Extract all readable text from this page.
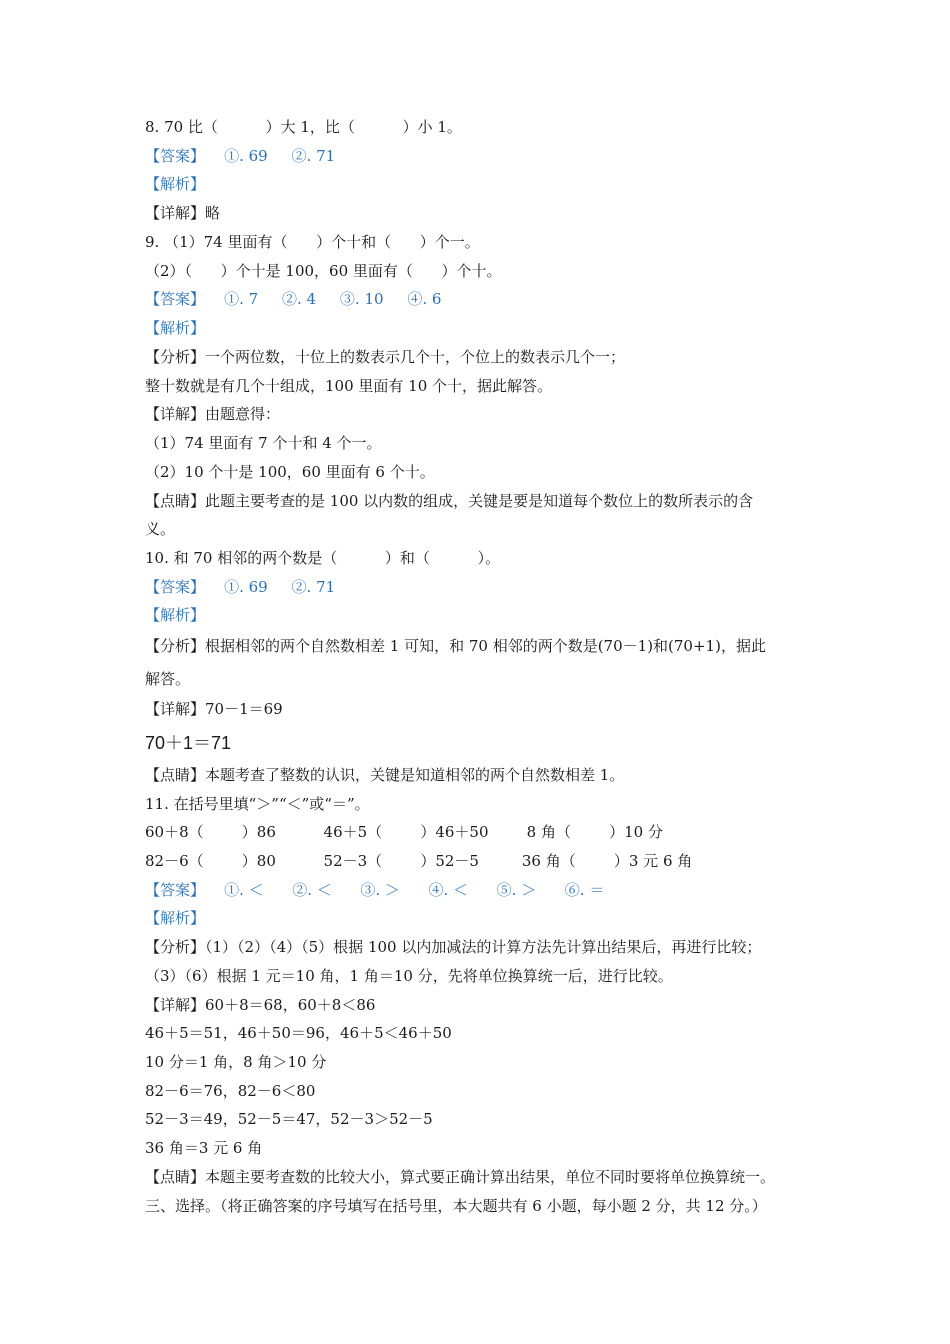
8. 70 比（          ）大 1，比（          ）小 1。
【答案】    ①. 69     ②. 71
【解析】
【详解】略
9. （1）74 里面有（      ）个十和（      ）个一。
（2）（      ）个十是 100，60 里面有（      ）个十。
【答案】    ①. 7     ②. 4     ③. 10     ④. 6
【解析】
【分析】一个两位数，十位上的数表示几个十，个位上的数表示几个一；
整十数就是有几个十组成，100 里面有 10 个十，据此解答。
【详解】由题意得：
（1）74 里面有 7 个十和 4 个一。
（2）10 个十是 100，60 里面有 6 个十。
【点睛】此题主要考查的是 100 以内数的组成，关键是要是知道每个数位上的数所表示的含
义。
10. 和 70 相邻的两个数是（          ）和（          ）。
【答案】    ①. 69     ②. 71
【解析】
【分析】根据相邻的两个自然数相差 1 可知，和 70 相邻的两个数是(70－1)和(70+1)，据此
解答。
【详解】70－1＝69
70＋1＝71
【点睛】本题考查了整数的认识，关键是知道相邻的两个自然数相差 1。
11. 在括号里填“＞”“＜”或“＝”。
60＋8（        ）86          46＋5（        ）46＋50        8 角（        ）10 分
82－6（        ）80          52－3（        ）52－5         36 角（        ）3 元 6 角
【答案】    ①. ＜      ②. ＜      ③. ＞      ④. ＜      ⑤. ＞      ⑥. ＝
【解析】
【分析】（1）（2）（4）（5）根据 100 以内加减法的计算方法先计算出结果后，再进行比较；
（3）（6）根据 1 元＝10 角，1 角＝10 分，先将单位换算统一后，进行比较。
【详解】60＋8＝68，60＋8＜86
46＋5＝51，46＋50＝96，46＋5＜46＋50
10 分＝1 角，8 角＞10 分
82－6＝76，82－6＜80
52－3＝49，52－5＝47，52－3＞52－5
36 角＝3 元 6 角
【点睛】本题主要考查数的比较大小，算式要正确计算出结果，单位不同时要将单位换算统一。
三、选择。（将正确答案的序号填写在括号里，本大题共有 6 小题，每小题 2 分，共 12 分。）
